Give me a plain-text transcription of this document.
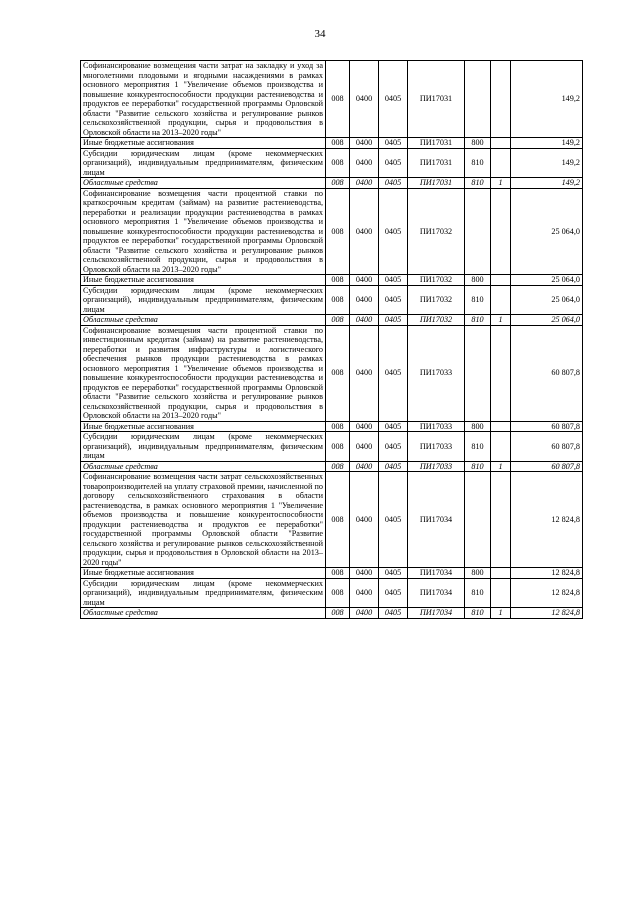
34
Софинансирование возмещения части затрат на закладку и уход за многолетними плодовыми и ягодными насаждениями в рамках основного мероприятия 1 "Увеличение объемов производства и повышение конкурентоспособности продукции растениеводства и продуктов ее переработки" государственной программы Орловской области "Развитие сельского хозяйства и регулирование рынков сельскохозяйственной продукции, сырья и продовольствия в Орловской области на 2013–2020 годы"	008	0400	0405	ПИ17031			149,2
Иные бюджетные ассигнования	008	0400	0405	ПИ17031	800		149,2
Субсидии юридическим лицам (кроме некоммерческих организаций), индивидуальным предпринимателям, физическим лицам	008	0400	0405	ПИ17031	810		149,2
Областные средства	008	0400	0405	ПИ17031	810	1	149,2
Софинансирование возмещения части процентной ставки по краткосрочным кредитам (займам) на развитие растениеводства, переработки и реализации продукции растениеводства в рамках основного мероприятия 1 "Увеличение объемов производства и повышение конкурентоспособности продукции растениеводства и продуктов ее переработки" государственной программы Орловской области "Развитие сельского хозяйства и регулирование рынков сельскохозяйственной продукции, сырья и продовольствия в Орловской области на 2013–2020 годы"	008	0400	0405	ПИ17032			25 064,0
Иные бюджетные ассигнования	008	0400	0405	ПИ17032	800		25 064,0
Субсидии юридическим лицам (кроме некоммерческих организаций), индивидуальным предпринимателям, физическим лицам	008	0400	0405	ПИ17032	810		25 064,0
Областные средства	008	0400	0405	ПИ17032	810	1	25 064,0
Софинансирование возмещения части процентной ставки по инвестиционным кредитам (займам) на развитие растениеводства, переработки и развития инфраструктуры и логистического обеспечения рынков продукции растениеводства в рамках основного мероприятия 1 "Увеличение объемов производства и повышение конкурентоспособности продукции растениеводства и продуктов ее переработки" государственной программы Орловской области "Развитие сельского хозяйства и регулирование рынков сельскохозяйственной продукции, сырья и продовольствия в Орловской области на 2013–2020 годы"	008	0400	0405	ПИ17033			60 807,8
Иные бюджетные ассигнования	008	0400	0405	ПИ17033	800		60 807,8
Субсидии юридическим лицам (кроме некоммерческих организаций), индивидуальным предпринимателям, физическим лицам	008	0400	0405	ПИ17033	810		60 807,8
Областные средства	008	0400	0405	ПИ17033	810	1	60 807,8
Софинансирование возмещения части затрат сельскохозяйственных товаропроизводителей на уплату страховой премии, начисленной по договору сельскохозяйственного страхования в области растениеводства, в рамках основного мероприятия 1 "Увеличение объемов производства и повышение конкурентоспособности продукции растениеводства и продуктов ее переработки" государственной программы Орловской области "Развитие сельского хозяйства и регулирование рынков сельскохозяйственной продукции, сырья и продовольствия в Орловской области на 2013–2020 годы"	008	0400	0405	ПИ17034			12 824,8
Иные бюджетные ассигнования	008	0400	0405	ПИ17034	800		12 824,8
Субсидии юридическим лицам (кроме некоммерческих организаций), индивидуальным предпринимателям, физическим лицам	008	0400	0405	ПИ17034	810		12 824,8
Областные средства	008	0400	0405	ПИ17034	810	1	12 824,8
